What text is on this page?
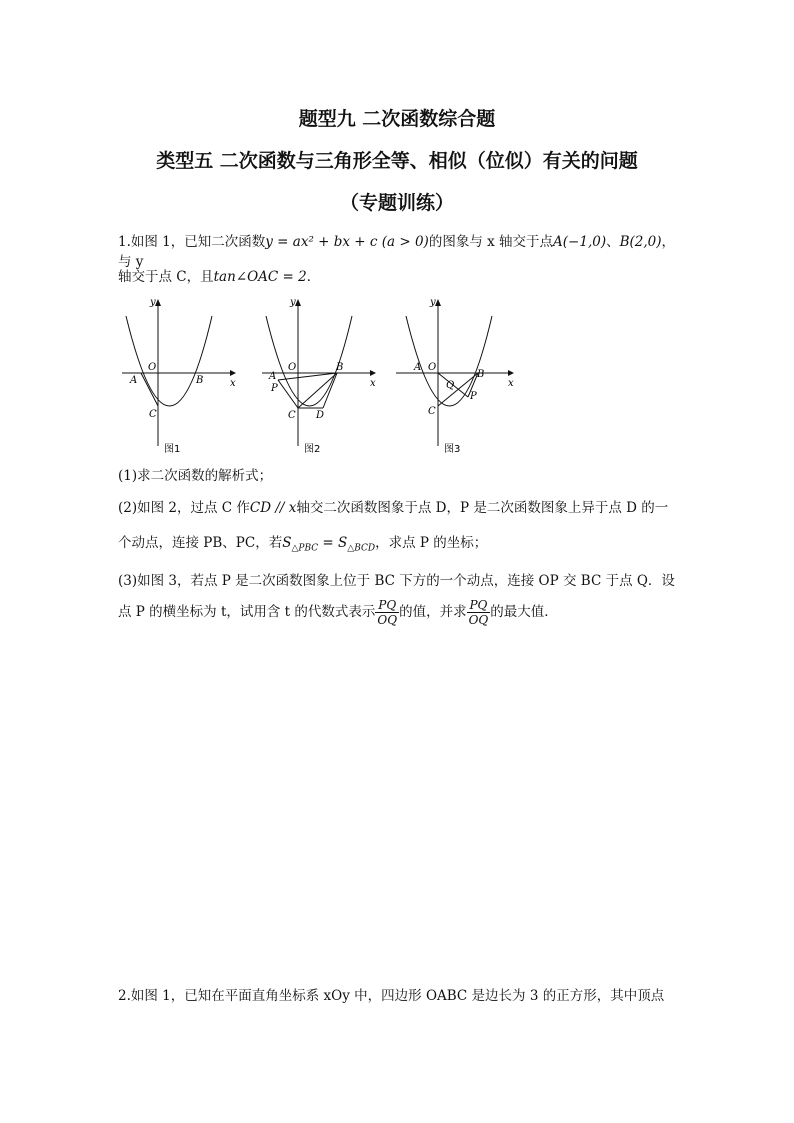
题型九 二次函数综合题
类型五 二次函数与三角形全等、相似（位似）有关的问题
（专题训练）
1.如图 1，已知二次函数y = ax² + bx + c (a > 0)的图象与 x 轴交于点A(−1,0)、B(2,0)，与 y
轴交于点 C，且tan∠OAC = 2．
x
y
A
O
B
C
图1
x
y
A
O	B
P
C D
图2
x
y
A O
B
Q
P
C
图3
(1)求二次函数的解析式；
(2)如图 2，过点 C 作CD // x轴交二次函数图象于点 D，P 是二次函数图象上异于点 D 的一
个动点，连接 PB、PC，若$S_{\triangle PBC} = S_{\triangle BCD}$，求点 P 的坐标；
(3)如图 3，若点 P 是二次函数图象上位于 BC 下方的一个动点，连接 OP 交 BC 于点 Q．设
点 P 的横坐标为 t，试用含 t 的代数式表示 $\frac{PQ}{OQ}$ 的值，并求 $\frac{PQ}{OQ}$ 的最大值．
2.如图 1，已知在平面直角坐标系 xOy 中，四边形 OABC 是边长为 3 的正方形，其中顶点
